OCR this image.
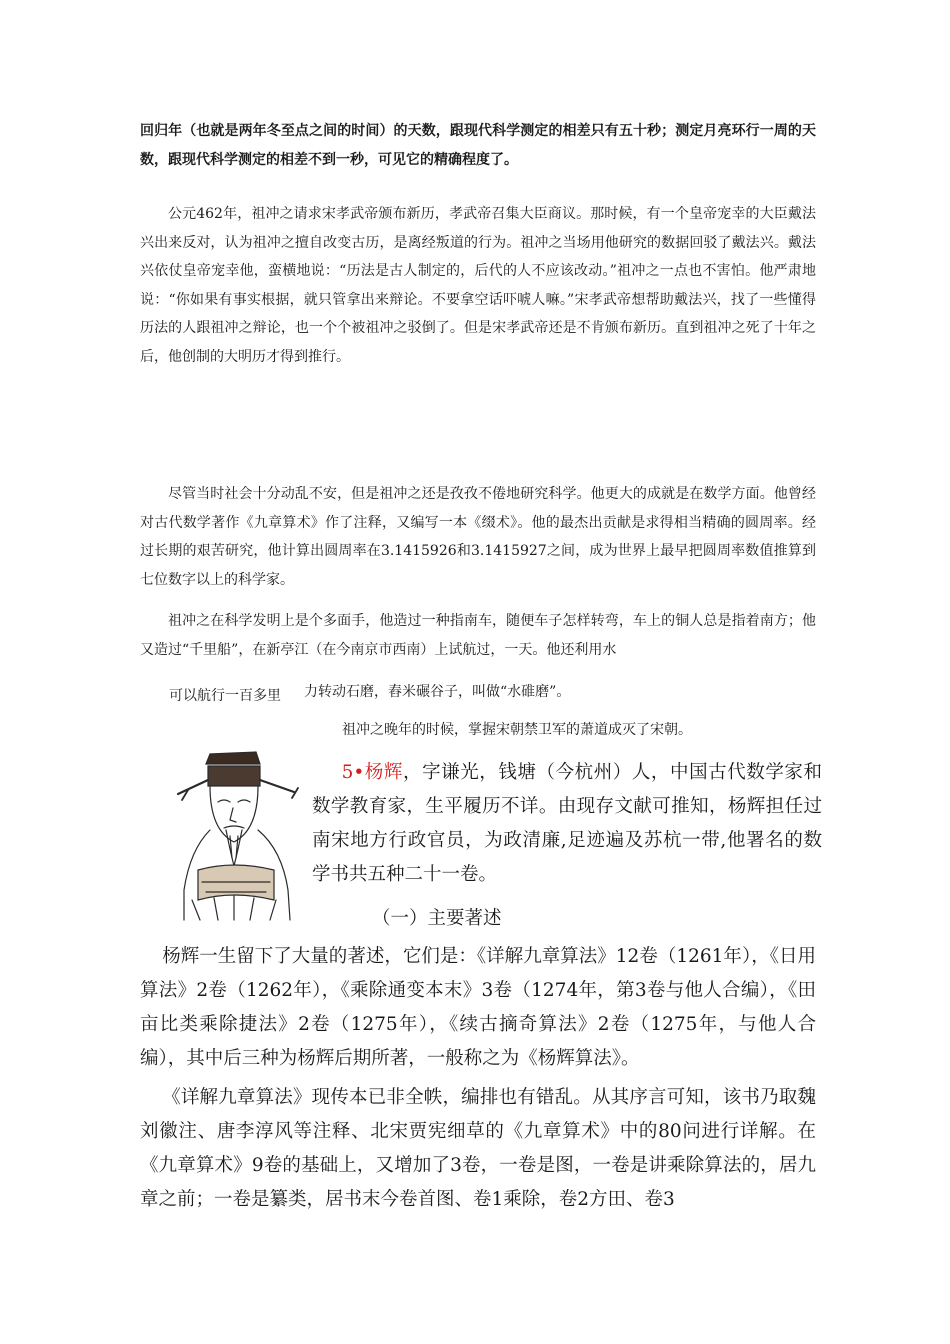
回归年（也就是两年冬至点之间的时间）的天数，跟现代科学测定的相差只有五十秒；测定月亮环行一周的天数，跟现代科学测定的相差不到一秒，可见它的精确程度了。

公元462年，祖冲之请求宋孝武帝颁布新历，孝武帝召集大臣商议。那时候，有一个皇帝宠幸的大臣戴法兴出来反对，认为祖冲之擅自改变古历，是离经叛道的行为。祖冲之当场用他研究的数据回驳了戴法兴。戴法兴依仗皇帝宠幸他，蛮横地说：“历法是古人制定的，后代的人不应该改动。”祖冲之一点也不害怕。他严肃地说：“你如果有事实根据，就只管拿出来辩论。不要拿空话吓唬人嘛。”宋孝武帝想帮助戴法兴，找了一些懂得历法的人跟祖冲之辩论，也一个个被祖冲之驳倒了。但是宋孝武帝还是不肯颁布新历。直到祖冲之死了十年之后，他创制的大明历才得到推行。

尽管当时社会十分动乱不安，但是祖冲之还是孜孜不倦地研究科学。他更大的成就是在数学方面。他曾经对古代数学著作《九章算术》作了注释，又编写一本《缀术》。他的最杰出贡献是求得相当精确的圆周率。经过长期的艰苦研究，他计算出圆周率在3.1415926和3.1415927之间，成为世界上最早把圆周率数值推算到七位数字以上的科学家。

祖冲之在科学发明上是个多面手，他造过一种指南车，随便车子怎样转弯，车上的铜人总是指着南方；他又造过“千里船”，在新亭江（在今南京市西南）上试航过，一天。他还利用水

可以航行一百多里 力转动石磨，舂米碾谷子，叫做“水碓磨”。

祖冲之晚年的时候，掌握宋朝禁卫军的萧道成灭了宋朝。

5•杨辉，字谦光，钱塘（今杭州）人，中国古代数学家和数学教育家，生平履历不详。由现存文献可推知，杨辉担任过南宋地方行政官员，为政清廉,足迹遍及苏杭一带,他署名的数学书共五种二十一卷。

（一）主要著述

杨辉一生留下了大量的著述，它们是：《详解九章算法》12卷（1261年），《日用算法》2卷（1262年），《乘除通变本末》3卷（1274年，第3卷与他人合编），《田亩比类乘除捷法》2卷（1275年），《续古摘奇算法》2卷（1275年，与他人合编），其中后三种为杨辉后期所著，一般称之为《杨辉算法》。

《详解九章算法》现传本已非全帙，编排也有错乱。从其序言可知，该书乃取魏刘徽注、唐李淳风等注释、北宋贾宪细草的《九章算术》中的80问进行详解。在《九章算术》9卷的基础上，又增加了3卷，一卷是图，一卷是讲乘除算法的，居九章之前；一卷是纂类，居书末今卷首图、卷1乘除，卷2方田、卷3
